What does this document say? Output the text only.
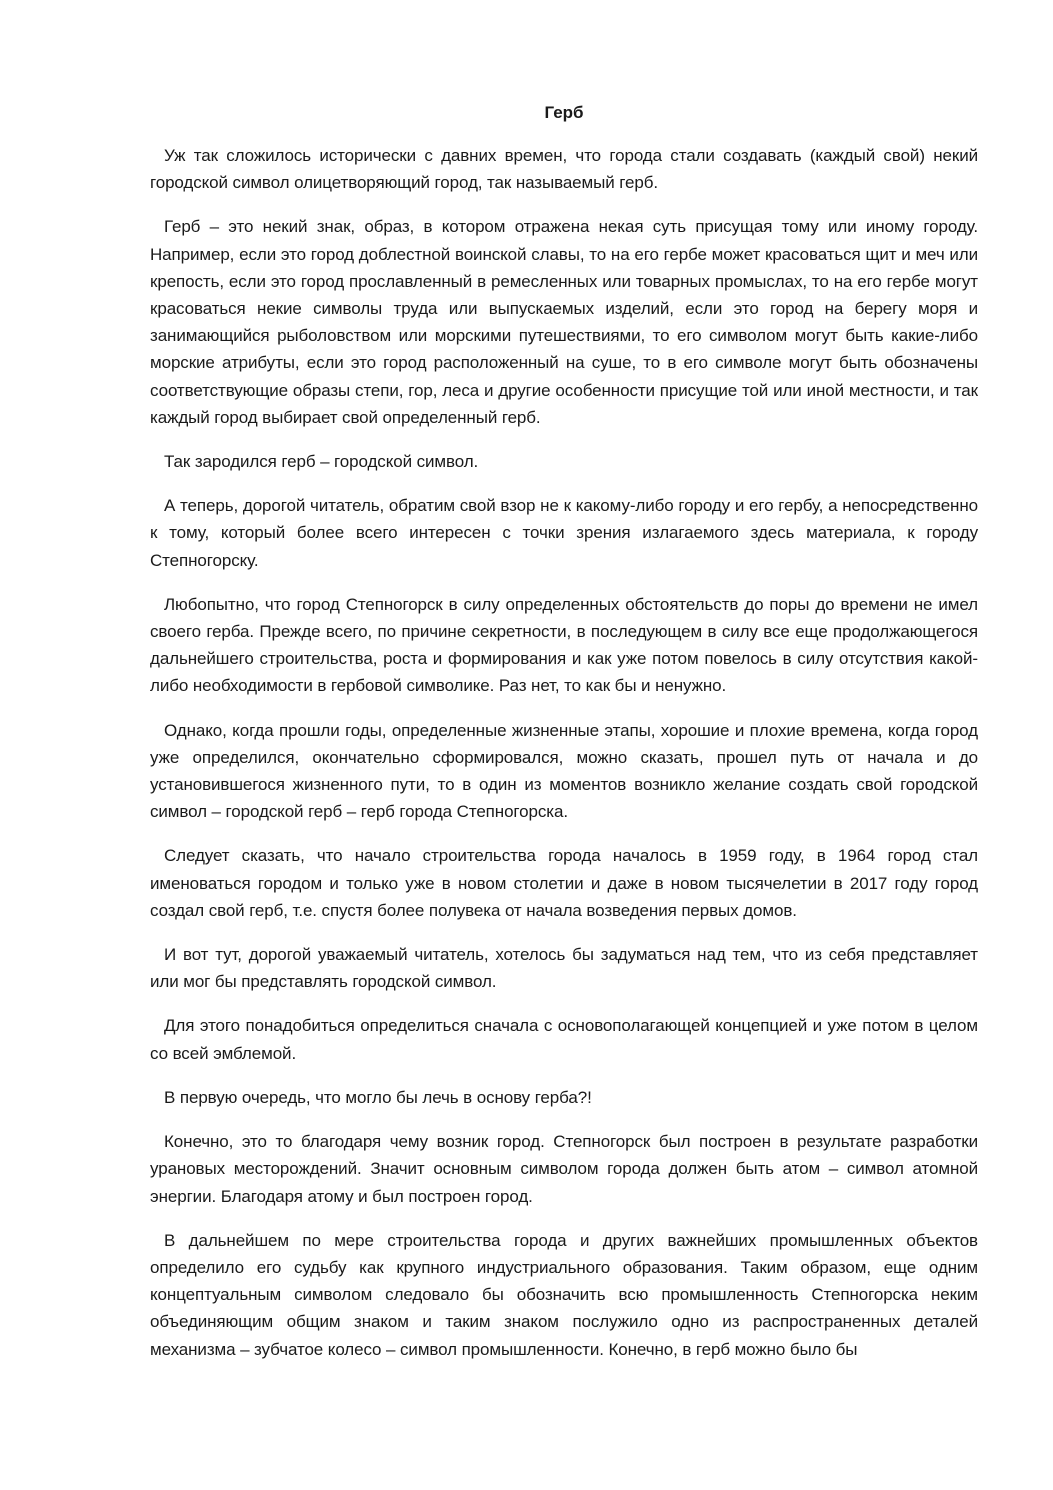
Герб

Уж так сложилось исторически с давних времен, что города стали создавать (каждый свой) некий городской символ олицетворяющий город, так называемый герб.

Герб – это некий знак, образ, в котором отражена некая суть присущая тому или иному городу. Например, если это город доблестной воинской славы, то на его гербе может красоваться щит и меч или крепость, если это город прославленный в ремесленных или товарных промыслах, то на его гербе могут красоваться некие символы труда или выпускаемых изделий, если это город на берегу моря и занимающийся рыболовством или морскими путешествиями, то его символом могут быть какие-либо морские атрибуты, если это город расположенный на суше, то в его символе могут быть обозначены соответствующие образы степи, гор, леса и другие особенности присущие той или иной местности, и так каждый город выбирает свой определенный герб.

Так зародился герб – городской символ.

А теперь, дорогой читатель, обратим свой взор не к какому-либо городу и его гербу, а непосредственно к тому, который более всего интересен с точки зрения излагаемого здесь материала, к городу Степногорску.

Любопытно, что город Степногорск в силу определенных обстоятельств до поры до времени не имел своего герба. Прежде всего, по причине секретности, в последующем в силу все еще продолжающегося дальнейшего строительства, роста и формирования и как уже потом повелось в силу отсутствия какой-либо необходимости в гербовой символике. Раз нет, то как бы и ненужно.

Однако, когда прошли годы, определенные жизненные этапы, хорошие и плохие времена, когда город уже определился, окончательно сформировался, можно сказать, прошел путь от начала и до установившегося жизненного пути, то в один из моментов возникло желание создать свой городской символ – городской герб – герб города Степногорска.

Следует сказать, что начало строительства города началось в 1959 году, в 1964 город стал именоваться городом и только уже в новом столетии и даже в новом тысячелетии в 2017 году город создал свой герб, т.е. спустя более полувека от начала возведения первых домов.

И вот тут, дорогой уважаемый читатель, хотелось бы задуматься над тем, что из себя представляет или мог бы представлять городской символ.

Для этого понадобиться определиться сначала с основополагающей концепцией и уже потом в целом со всей эмблемой.

В первую очередь, что могло бы лечь в основу герба?!

Конечно, это то благодаря чему возник город. Степногорск был построен в результате разработки урановых месторождений. Значит основным символом города должен быть атом – символ атомной энергии. Благодаря атому и был построен город.

В дальнейшем по мере строительства города и других важнейших промышленных объектов определило его судьбу как крупного индустриального образования. Таким образом, еще одним концептуальным символом следовало бы обозначить всю промышленность Степногорска неким объединяющим общим знаком и таким знаком послужило одно из распространенных деталей механизма – зубчатое колесо – символ промышленности. Конечно, в герб можно было бы
